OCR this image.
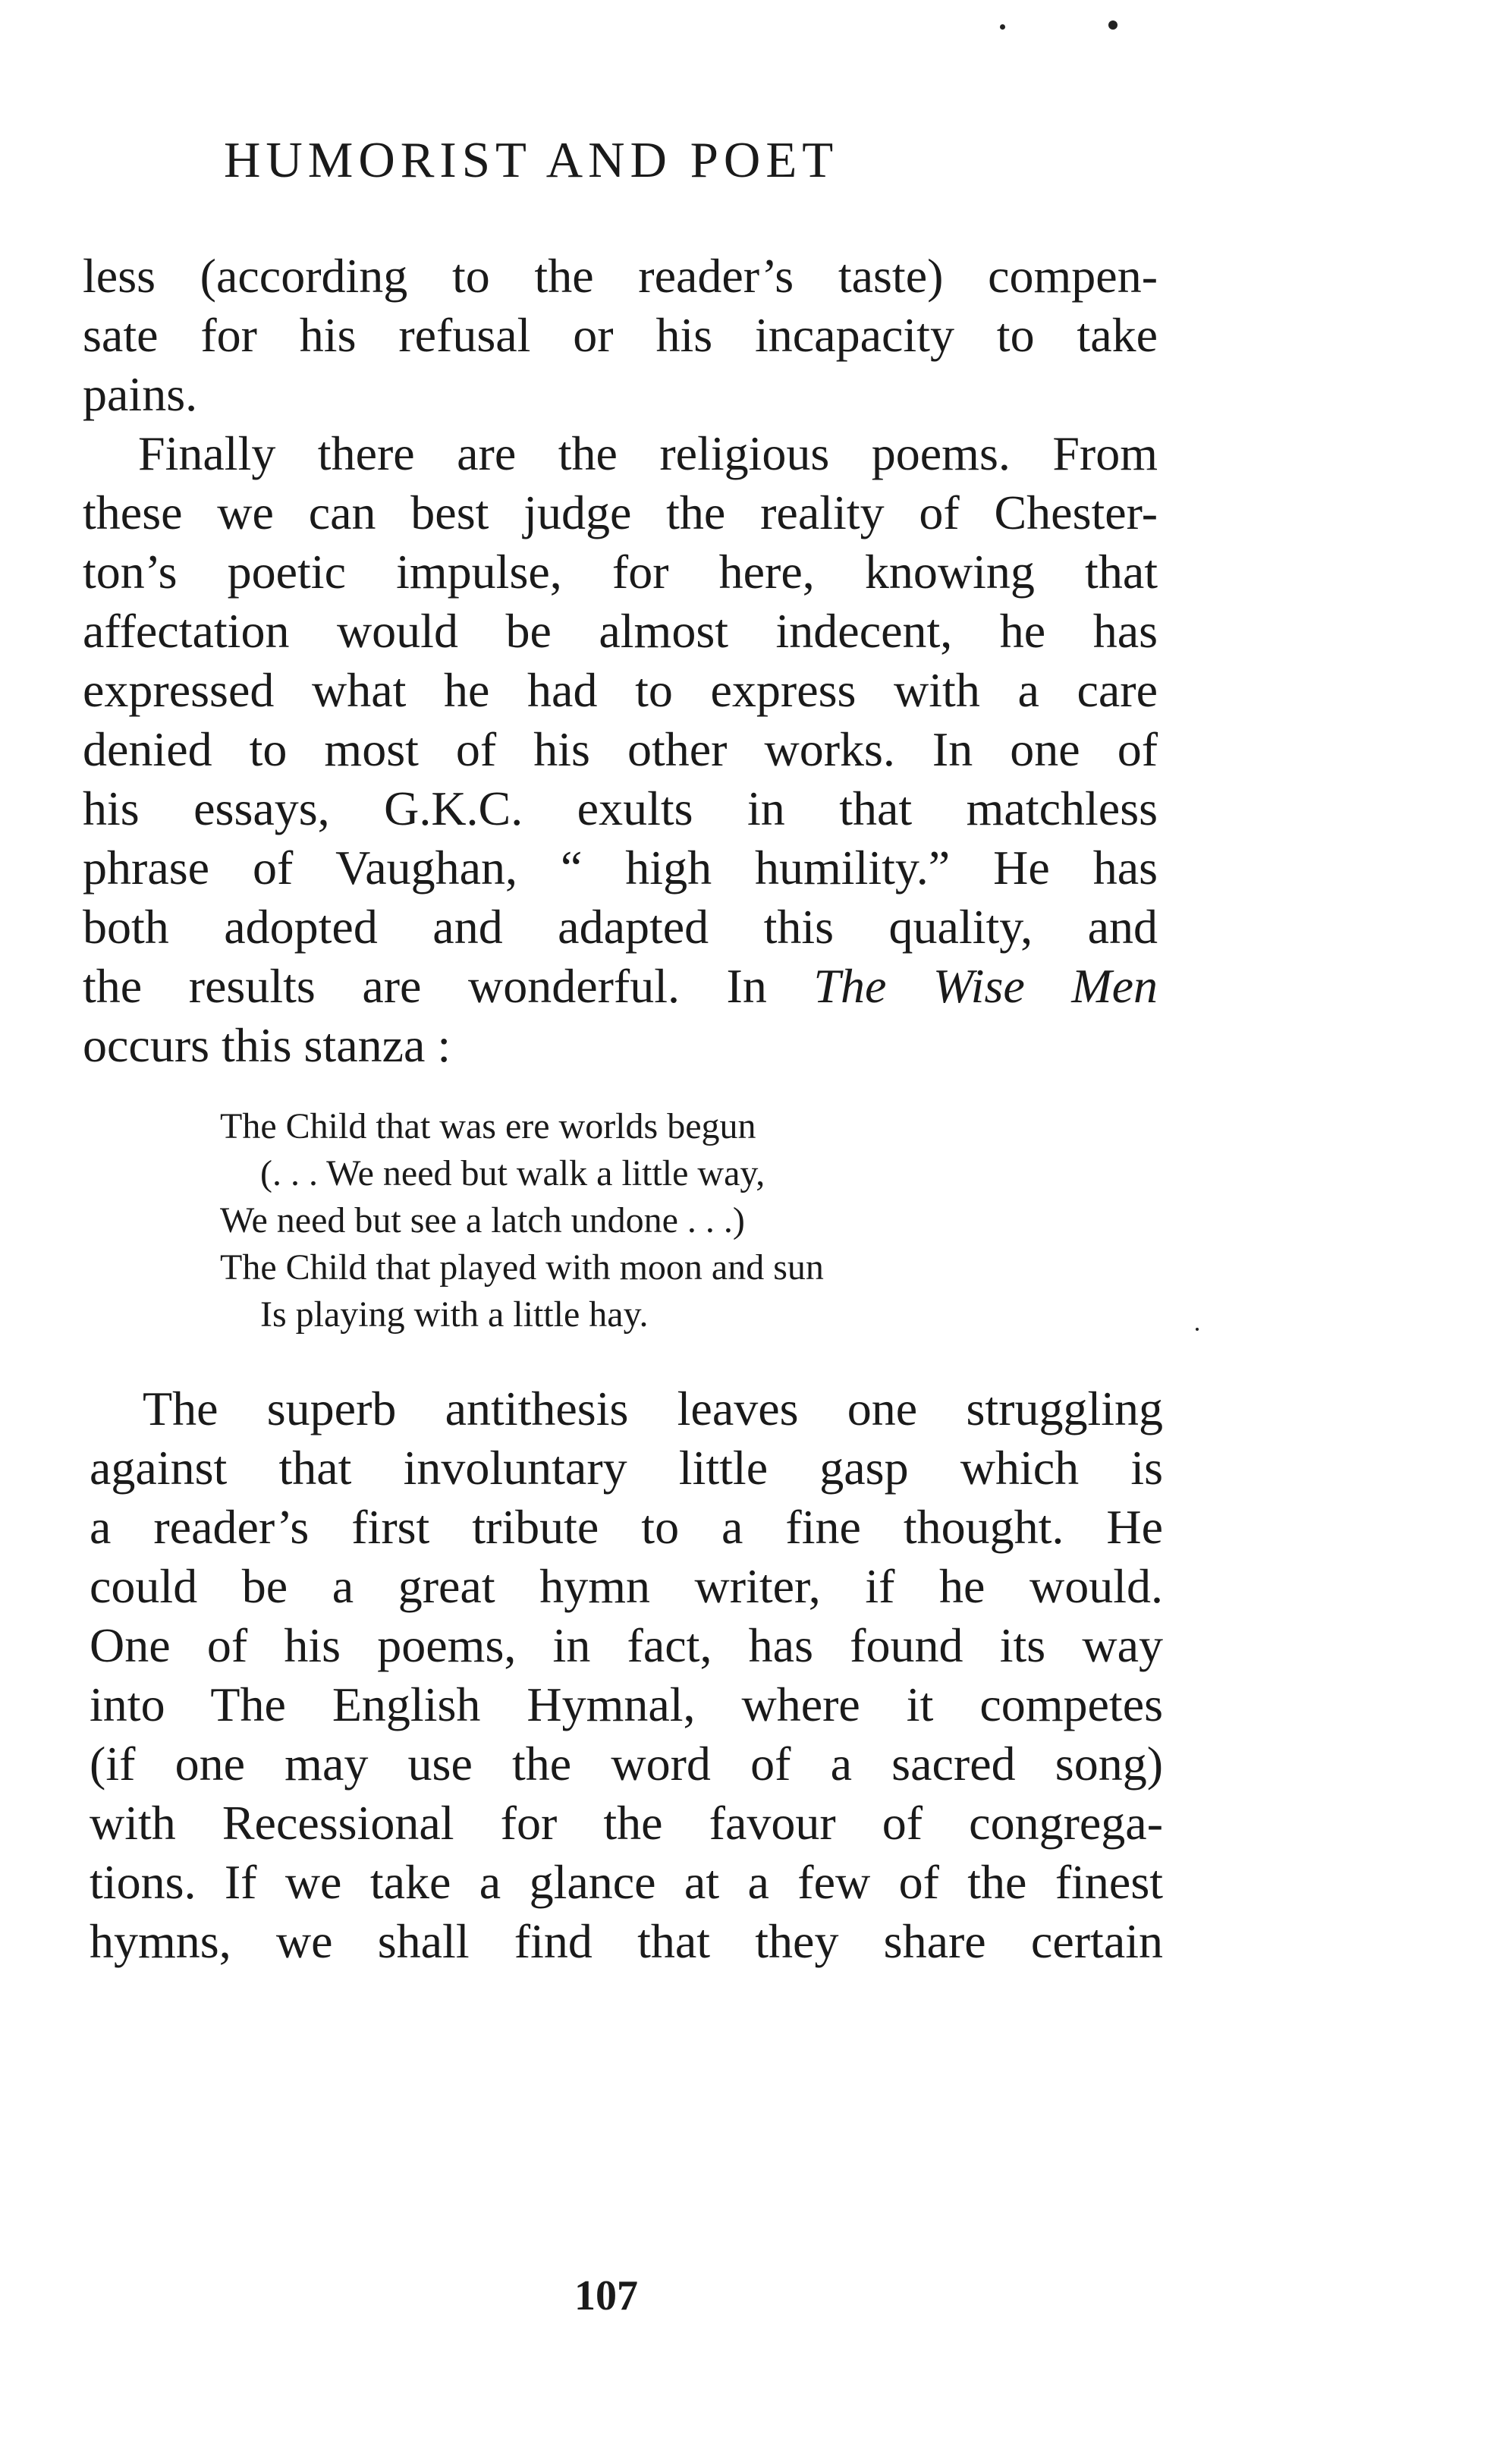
HUMORIST AND POET
less (according to the reader’s taste) compen-
sate for his refusal or his incapacity to take
pains.
Finally there are the religious poems. From
these we can best judge the reality of Chester-
ton’s poetic impulse, for here, knowing that
affectation would be almost indecent, he has
expressed what he had to express with a care
denied to most of his other works. In one of
his essays, G.K.C. exults in that matchless
phrase of Vaughan, “ high humility.” He has
both adopted and adapted this quality, and
the results are wonderful. In The Wise Men
occurs this stanza :
The Child that was ere worlds begun
(. . . We need but walk a little way,
We need but see a latch undone . . .)
The Child that played with moon and sun
Is playing with a little hay.
The superb antithesis leaves one struggling
against that involuntary little gasp which is
a reader’s first tribute to a fine thought. He
could be a great hymn writer, if he would.
One of his poems, in fact, has found its way
into The English Hymnal, where it competes
(if one may use the word of a sacred song)
with Recessional for the favour of congrega-
tions. If we take a glance at a few of the finest
hymns, we shall find that they share certain
107
